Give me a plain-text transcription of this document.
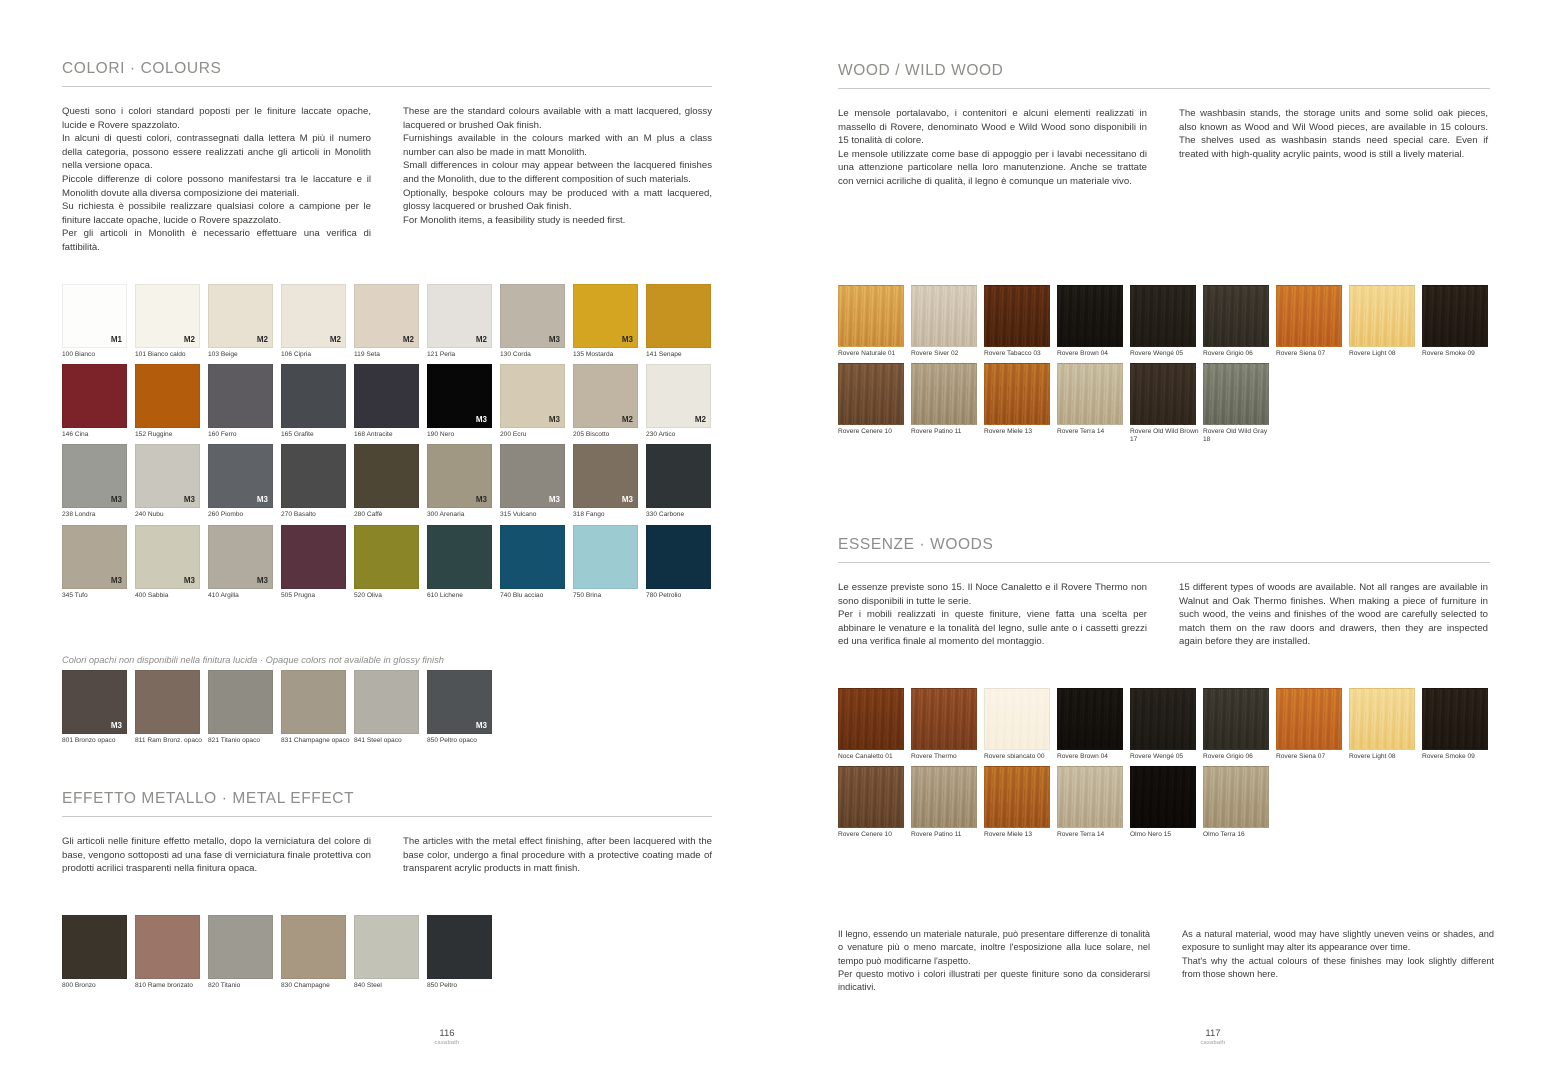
COLORI · COLOURS

Questi sono i colori standard poposti per le finiture laccate opache, lucide e Rovere spazzolato.

In alcuni di questi colori, contrassegnati dalla lettera M più il numero della categoria, possono essere realizzati anche gli articoli in Monolith nella versione opaca.

Piccole differenze di colore possono manifestarsi tra le laccature e il Monolith dovute alla diversa composizione dei materiali.

Su richiesta è possibile realizzare qualsiasi colore a campione per le finiture laccate opache, lucide o Rovere spazzolato.

Per gli articoli in Monolith è necessario effettuare una verifica di fattibilità.

These are the standard colours available with a matt lacquered, glossy lacquered or brushed Oak finish.

Furnishings available in the colours marked with an M plus a class number can also be made in matt Monolith.

Small differences in colour may appear between the lacquered finishes and the Monolith, due to the different composition of such materials.

Optionally, bespoke colours may be produced with a matt lacquered, glossy lacquered or brushed Oak finish.

For Monolith items, a feasibility study is needed first.

M1
100 Bianco
M2
101 Bianco caldo
M2
103 Beige
M2
106 Cipria
M2
119 Seta
M2
121 Perla
M3
130 Corda
M3
135 Mostarda	141 Senape
146 Cina	152 Ruggine	160 Ferro	165 Grafite	168 Antracite
M3
190 Nero
M3
200 Ecru
M2
205 Biscotto
M2
230 Artico
M3
238 Londra
M3
240 Nubu
M3
260 Piombo	270 Basalto	280 Caffè
M3
300 Arenaria
M3
315 Vulcano
M3
318 Fango	330 Carbone
M3
345 Tufo
M3
400 Sabbia
M3
410 Argilla	505 Prugna	520 Oliva	610 Lichene	740 Blu acciao	750 Brina	780 Petrolio
Colori opachi non disponibili nella finitura lucida · Opaque colors not available in glossy finish
M3
801 Bronzo opaco	811 Ram Bronz. opaco 821 Titanio opaco	831 Champagne opaco 841 Steel opaco
M3
850 Peltro opaco
EFFETTO METALLO · METAL EFFECT

Gli articoli nelle finiture effetto metallo, dopo la verniciatura del colore di base, vengono sottoposti ad una fase di verniciatura finale protettiva con prodotti acrilici trasparenti nella finitura opaca.

The articles with the metal effect finishing, after been lacquered with the base color, undergo a final procedure with a protective coating made of transparent acrylic products in matt finish.

800 Bronzo	810 Rame bronzato	820 Titanio	830 Champagne	840 Steel	850 Peltro
116
casabath
WOOD / WILD WOOD

Le mensole portalavabo, i contenitori e alcuni elementi realizzati in massello di Rovere, denominato Wood e Wild Wood sono disponibili in 15 tonalità di colore.

Le mensole utilizzate come base di appoggio per i lavabi necessitano di una attenzione particolare nella loro manutenzione. Anche se trattate con vernici acriliche di qualità, il legno è comunque un materiale vivo.

The washbasin stands, the storage units and some solid oak pieces, also known as Wood and Wil Wood pieces, are available in 15 colours. The shelves used as washbasin stands need special care. Even if treated with high-quality acrylic paints, wood is still a lively material.

Rovere Naturale 01	Rovere Siver 02	Rovere Tabacco 03	Rovere Brown 04	Rovere Wengé 05	Rovere Grigio 06	Rovere Siena 07	Rovere Light 08	Rovere Smoke 09
Rovere Cenere 10	Rovere Patino 11	Rovere Miele 13	Rovere Terra 14	Rovere Old Wild Brown 17
Rovere Old Wild Gray 18
ESSENZE · WOODS

Le essenze previste sono 15. Il Noce Canaletto e il Rovere Thermo non sono disponibili in tutte le serie.

Per i mobili realizzati in queste finiture, viene fatta una scelta per abbinare le venature e la tonalità del legno, sulle ante o i cassetti grezzi ed una verifica finale al momento del montaggio.

15 different types of woods are available. Not all ranges are available in Walnut and Oak Thermo finishes. When making a piece of furniture in such wood, the veins and finishes of the wood are carefully selected to match them on the raw doors and drawers, then they are inspected again before they are installed.

Noce Canaletto 01	Rovere Thermo	Rovere sbiancato 00	Rovere Brown 04	Rovere Wengé 05	Rovere Grigio 06	Rovere Siena 07	Rovere Light 08	Rovere Smoke 09
Rovere Cenere 10	Rovere Patino 11	Rovere Miele 13	Rovere Terra 14	Olmo Nero 15	Olmo Terra 16

Il legno, essendo un materiale naturale, può presentare differenze di tonalità o venature più o meno marcate, inoltre l'esposizione alla luce solare, nel tempo può modificarne l'aspetto.

Per questo motivo i colori illustrati per queste finiture sono da considerarsi indicativi.

As a natural material, wood may have slightly uneven veins or shades, and exposure to sunlight may alter its appearance over time.

That's why the actual colours of these finishes may look slightly different from those shown here.

117
casabath
